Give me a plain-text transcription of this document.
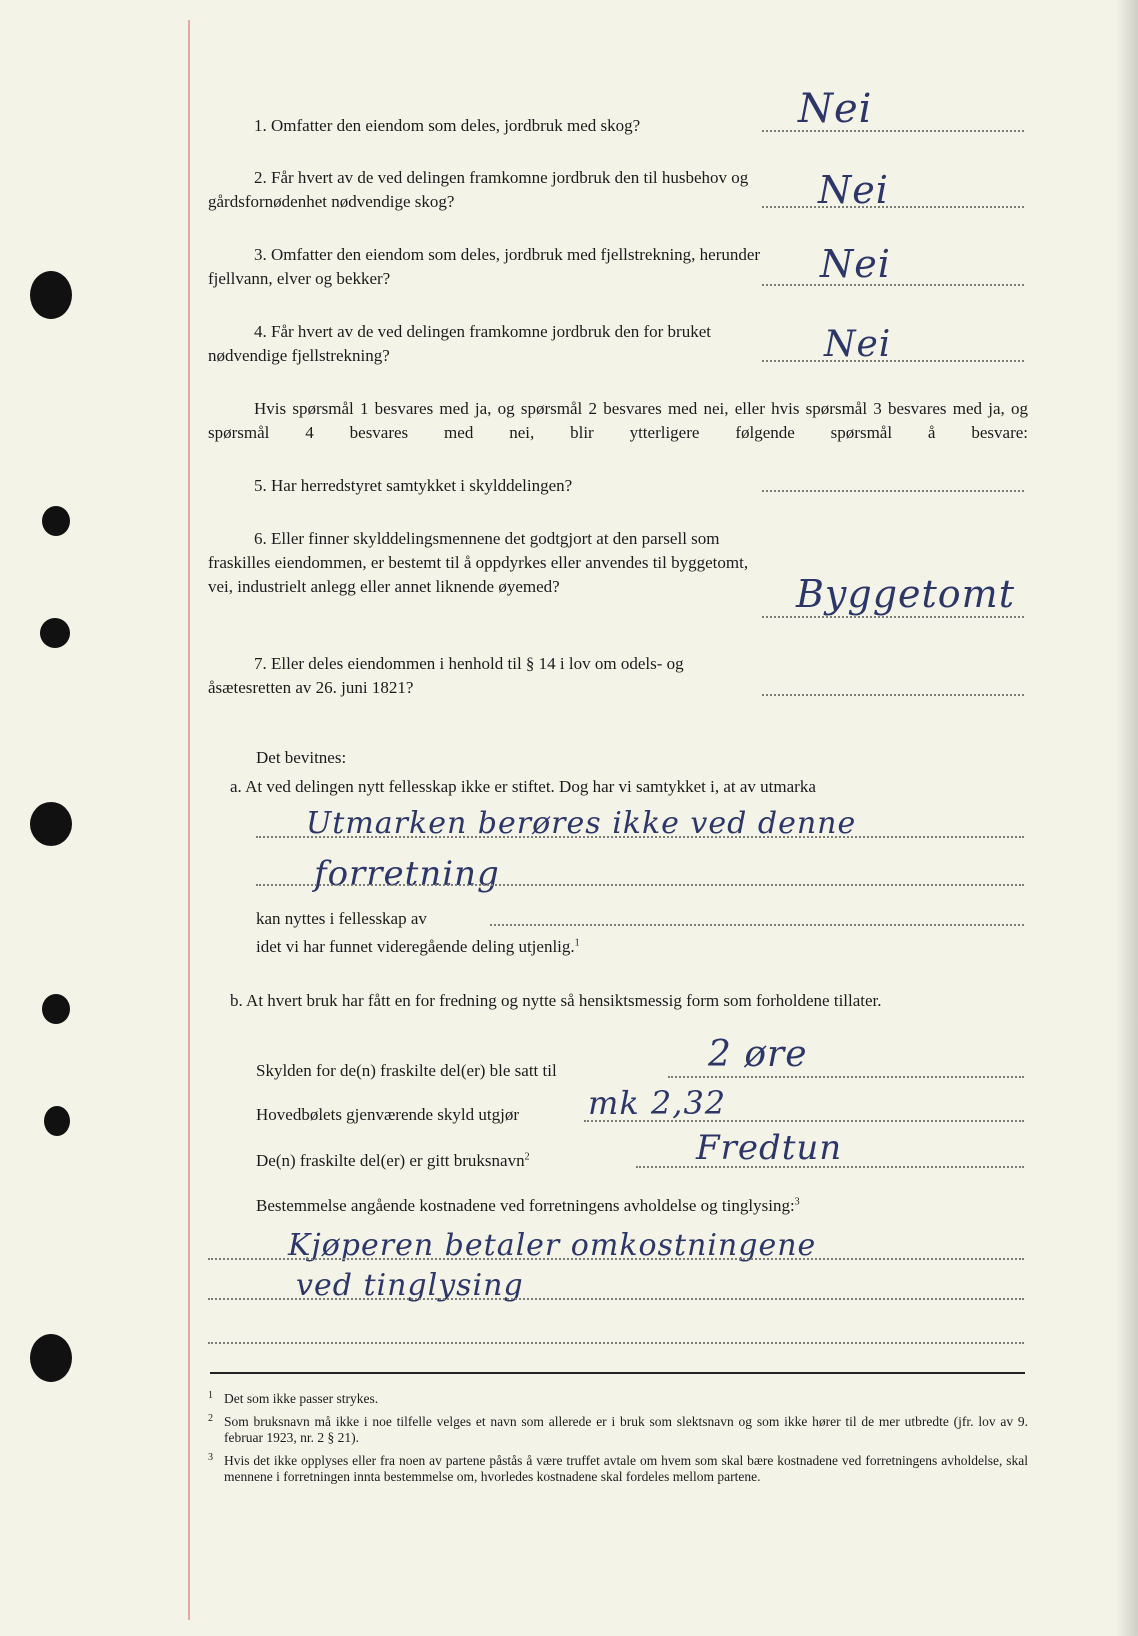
1. Omfatter den eiendom som deles, jordbruk med skog?	Nei

2. Får hvert av de ved delingen framkomne jordbruk den til husbehov og gårdsfornødenhet nødvendige skog?	Nei

3. Omfatter den eiendom som deles, jordbruk med fjellstrekning, herunder fjellvann, elver og bekker?	Nei

4. Får hvert av de ved delingen framkomne jordbruk den for bruket nødvendige fjellstrekning?	Nei

Hvis spørsmål 1 besvares med ja, og spørsmål 2 besvares med nei, eller hvis spørsmål 3 besvares med ja, og spørsmål 4 besvares med nei, blir ytterligere følgende spørsmål å besvare:

5. Har herredstyret samtykket i skylddelingen?

6. Eller finner skylddelingsmennene det godtgjort at den parsell som fraskilles eiendommen, er bestemt til å oppdyrkes eller anvendes til byggetomt, vei, industrielt anlegg eller annet liknende øyemed?	Byggetomt

7. Eller deles eiendommen i henhold til § 14 i lov om odels- og åsætesretten av 26. juni 1821?

Det bevitnes:

a. At ved delingen nytt fellesskap ikke er stiftet. Dog har vi samtykket i, at av utmarka

Utmarken berøres ikke ved denne

forretning

kan nyttes i fellesskap av

idet vi har funnet videregående deling utjenlig.$^1$

b. At hvert bruk har fått en for fredning og nytte så hensiktsmessig form som forholdene tillater.

Skylden for de(n) fraskilte del(er) ble satt til	2 øre

Hovedbølets gjenværende skyld utgjør mk 2,32

De(n) fraskilte del(er) er gitt bruksnavn$^2$	Fredtun

Bestemmelse angående kostnadene ved forretningens avholdelse og tinglysing:$^3$

Kjøperen betaler omkostningene

ved tinglysing

1 Det som ikke passer strykes.

2 Som bruksnavn må ikke i noe tilfelle velges et navn som allerede er i bruk som slektsnavn og som ikke hører til de mer utbredte (jfr. lov av 9. februar 1923, nr. 2 § 21).

3 Hvis det ikke opplyses eller fra noen av partene påstås å være truffet avtale om hvem som skal bære kostnadene ved forretningens avholdelse, skal mennene i forretningen innta bestemmelse om, hvorledes kostnadene skal fordeles mellom partene.
